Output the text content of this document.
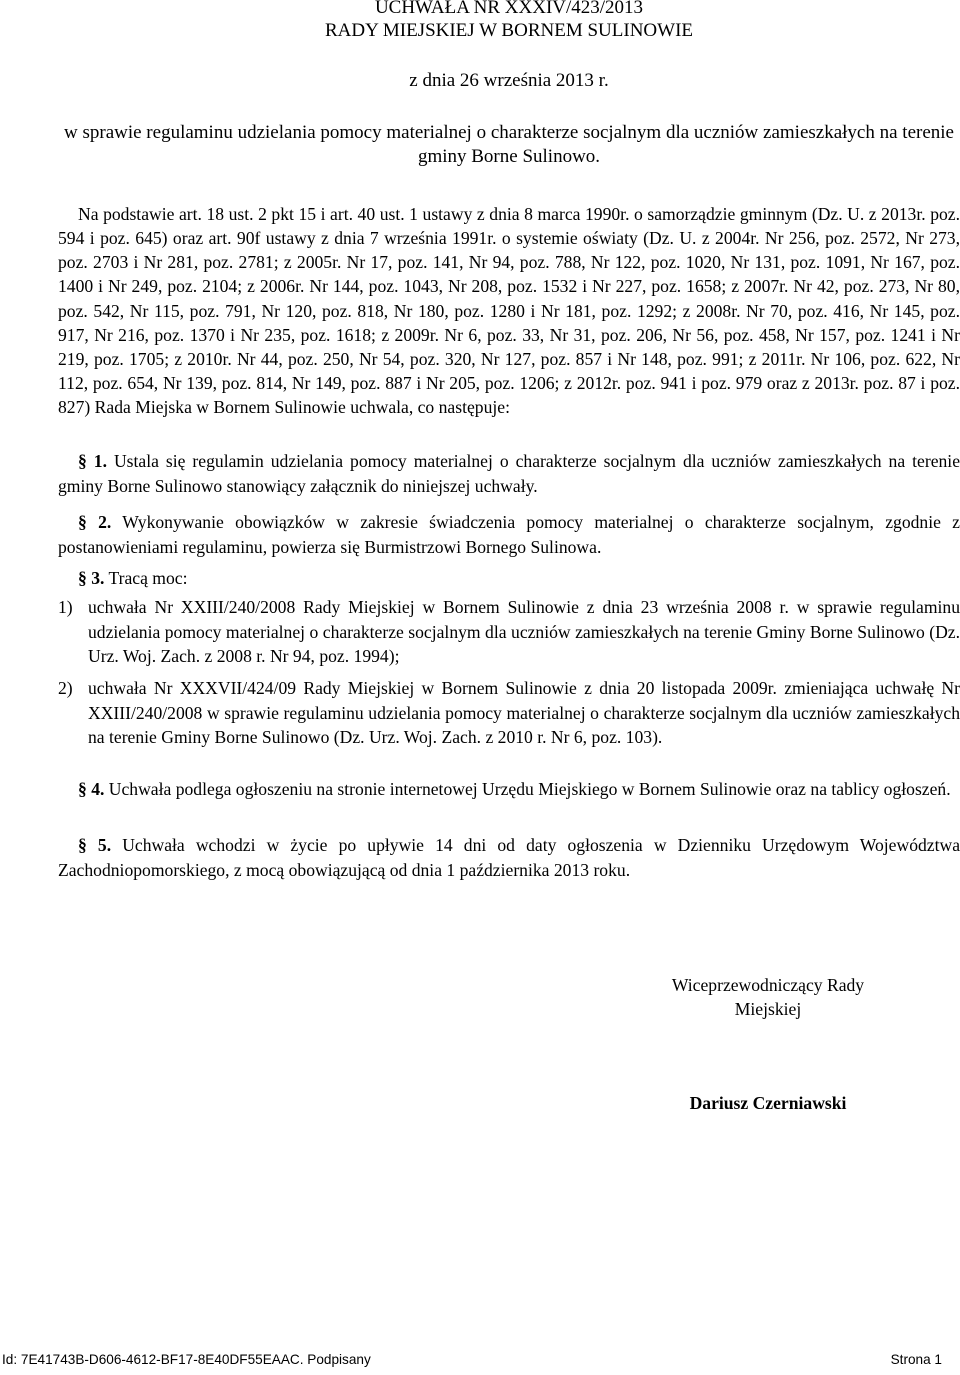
UCHWAŁA NR XXXIV/423/2013
RADY MIEJSKIEJ W BORNEM SULINOWIE
z dnia 26 września 2013 r.
w sprawie regulaminu udzielania pomocy materialnej o charakterze socjalnym dla uczniów zamieszkałych na terenie gminy Borne Sulinowo.
Na podstawie art. 18 ust. 2 pkt 15 i art. 40 ust. 1 ustawy z dnia 8 marca 1990r. o samorządzie gminnym (Dz. U. z 2013r. poz. 594 i poz. 645) oraz art. 90f ustawy z dnia 7 września 1991r. o systemie oświaty (Dz. U. z 2004r. Nr 256, poz. 2572, Nr 273, poz. 2703 i Nr 281, poz. 2781; z 2005r. Nr 17, poz. 141, Nr 94, poz. 788, Nr 122, poz. 1020, Nr 131, poz. 1091, Nr 167, poz. 1400 i Nr 249, poz. 2104; z 2006r. Nr 144, poz. 1043, Nr 208, poz. 1532 i Nr 227, poz. 1658; z 2007r. Nr 42, poz. 273, Nr 80, poz. 542, Nr 115, poz. 791, Nr 120, poz. 818, Nr 180, poz. 1280 i Nr 181, poz. 1292; z 2008r. Nr 70, poz. 416, Nr 145, poz. 917, Nr 216, poz. 1370 i Nr 235, poz. 1618; z 2009r. Nr 6, poz. 33, Nr 31, poz. 206, Nr 56, poz. 458, Nr 157, poz. 1241 i Nr 219, poz. 1705; z 2010r. Nr 44, poz. 250, Nr 54, poz. 320, Nr 127, poz. 857 i Nr 148, poz. 991; z 2011r. Nr 106, poz. 622, Nr 112, poz. 654, Nr 139, poz. 814, Nr 149, poz. 887 i Nr 205, poz. 1206; z 2012r. poz. 941 i poz. 979 oraz z 2013r. poz. 87 i poz. 827) Rada Miejska w Bornem Sulinowie uchwala, co następuje:
§ 1. Ustala się regulamin udzielania pomocy materialnej o charakterze socjalnym dla uczniów zamieszkałych na terenie gminy Borne Sulinowo stanowiący załącznik do niniejszej uchwały.
§ 2. Wykonywanie obowiązków w zakresie świadczenia pomocy materialnej o charakterze socjalnym, zgodnie z postanowieniami regulaminu, powierza się Burmistrzowi Bornego Sulinowa.
§ 3. Tracą moc:
1) uchwała Nr XXIII/240/2008 Rady Miejskiej w Bornem Sulinowie z dnia 23 września 2008 r. w sprawie regulaminu udzielania pomocy materialnej o charakterze socjalnym dla uczniów zamieszkałych na terenie Gminy Borne Sulinowo (Dz. Urz. Woj. Zach. z 2008 r. Nr 94, poz. 1994);
2) uchwała Nr XXXVII/424/09 Rady Miejskiej w Bornem Sulinowie z dnia 20 listopada 2009r. zmieniająca uchwałę Nr XXIII/240/2008 w sprawie regulaminu udzielania pomocy materialnej o charakterze socjalnym dla uczniów zamieszkałych na terenie Gminy Borne Sulinowo (Dz. Urz. Woj. Zach. z 2010 r. Nr 6, poz. 103).
§ 4. Uchwała podlega ogłoszeniu na stronie internetowej Urzędu Miejskiego w Bornem Sulinowie oraz na tablicy ogłoszeń.
§ 5. Uchwała wchodzi w życie po upływie 14 dni od daty ogłoszenia w Dzienniku Urzędowym Województwa Zachodniopomorskiego, z mocą obowiązującą od dnia 1 października 2013 roku.
Wiceprzewodniczący Rady
Miejskiej
Dariusz Czerniawski
Id: 7E41743B-D606-4612-BF17-8E40DF55EAAC. Podpisany	Strona 1
